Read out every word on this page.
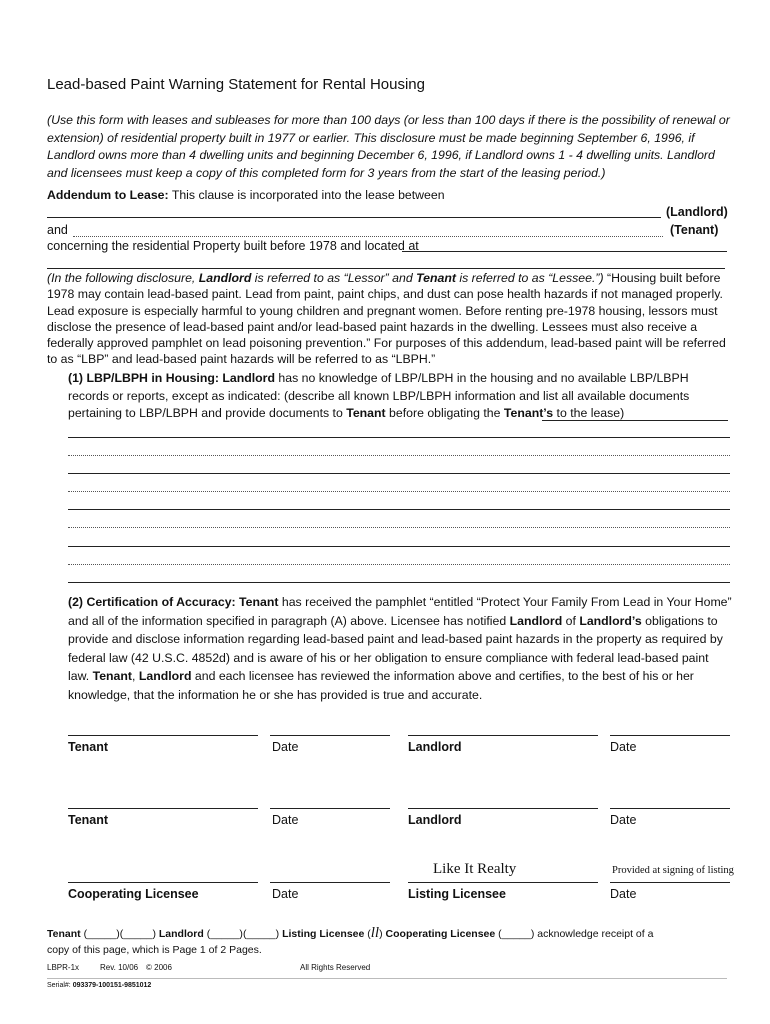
Lead-based Paint Warning Statement for Rental Housing
(Use this form with leases and subleases for more than 100 days (or less than 100 days if there is the possibility of renewal or extension) of residential property built in 1977 or earlier. This disclosure must be made beginning September 6, 1996, if Landlord owns more than 4 dwelling units and beginning December 6, 1996, if Landlord owns 1 - 4 dwelling units. Landlord and licensees must keep a copy of this completed form for 3 years from the start of the leasing period.)
Addendum to Lease: This clause is incorporated into the lease between
(Landlord)
and	(Tenant)
concerning the residential Property built before 1978 and located at
(In the following disclosure, Landlord is referred to as “Lessor” and Tenant is referred to as “Lessee.”) “Housing built before 1978 may contain lead-based paint. Lead from paint, paint chips, and dust can pose health hazards if not managed properly. Lead exposure is especially harmful to young children and pregnant women. Before renting pre-1978 housing, lessors must disclose the presence of lead-based paint and/or lead-based paint hazards in the dwelling. Lessees must also receive a federally approved pamphlet on lead poisoning prevention.” For purposes of this addendum, lead-based paint will be referred to as “LBP” and lead-based paint hazards will be referred to as “LBPH.”
(1) LBP/LBPH in Housing: Landlord has no knowledge of LBP/LBPH in the housing and no available LBP/LBPH records or reports, except as indicated: (describe all known LBP/LBPH information and list all available documents pertaining to LBP/LBPH and provide documents to Tenant before obligating the Tenant’s to the lease)
(2) Certification of Accuracy: Tenant has received the pamphlet “entitled “Protect Your Family From Lead in Your Home” and all of the information specified in paragraph (A) above. Licensee has notified Landlord of Landlord’s obligations to provide and disclose information regarding lead-based paint and lead-based paint hazards in the property as required by federal law (42 U.S.C. 4852d) and is aware of his or her obligation to ensure compliance with federal lead-based paint law. Tenant, Landlord and each licensee has reviewed the information above and certifies, to the best of his or her knowledge, that the information he or she has provided is true and accurate.
Tenant	Date	Landlord	Date
Tenant	Date	Landlord	Date
Like It Realty	Provided at signing of listing
Cooperating Licensee	Date	Listing Licensee	Date
Tenant (_____)(_____) Landlord (_____)(_____) Listing Licensee (ll) Cooperating Licensee (_____) acknowledge receipt of a
copy of this page, which is Page 1 of 2 Pages.
LBPR-1x	Rev. 10/06 © 2006	All Rights Reserved
Serial#: 093379-100151-9851012
